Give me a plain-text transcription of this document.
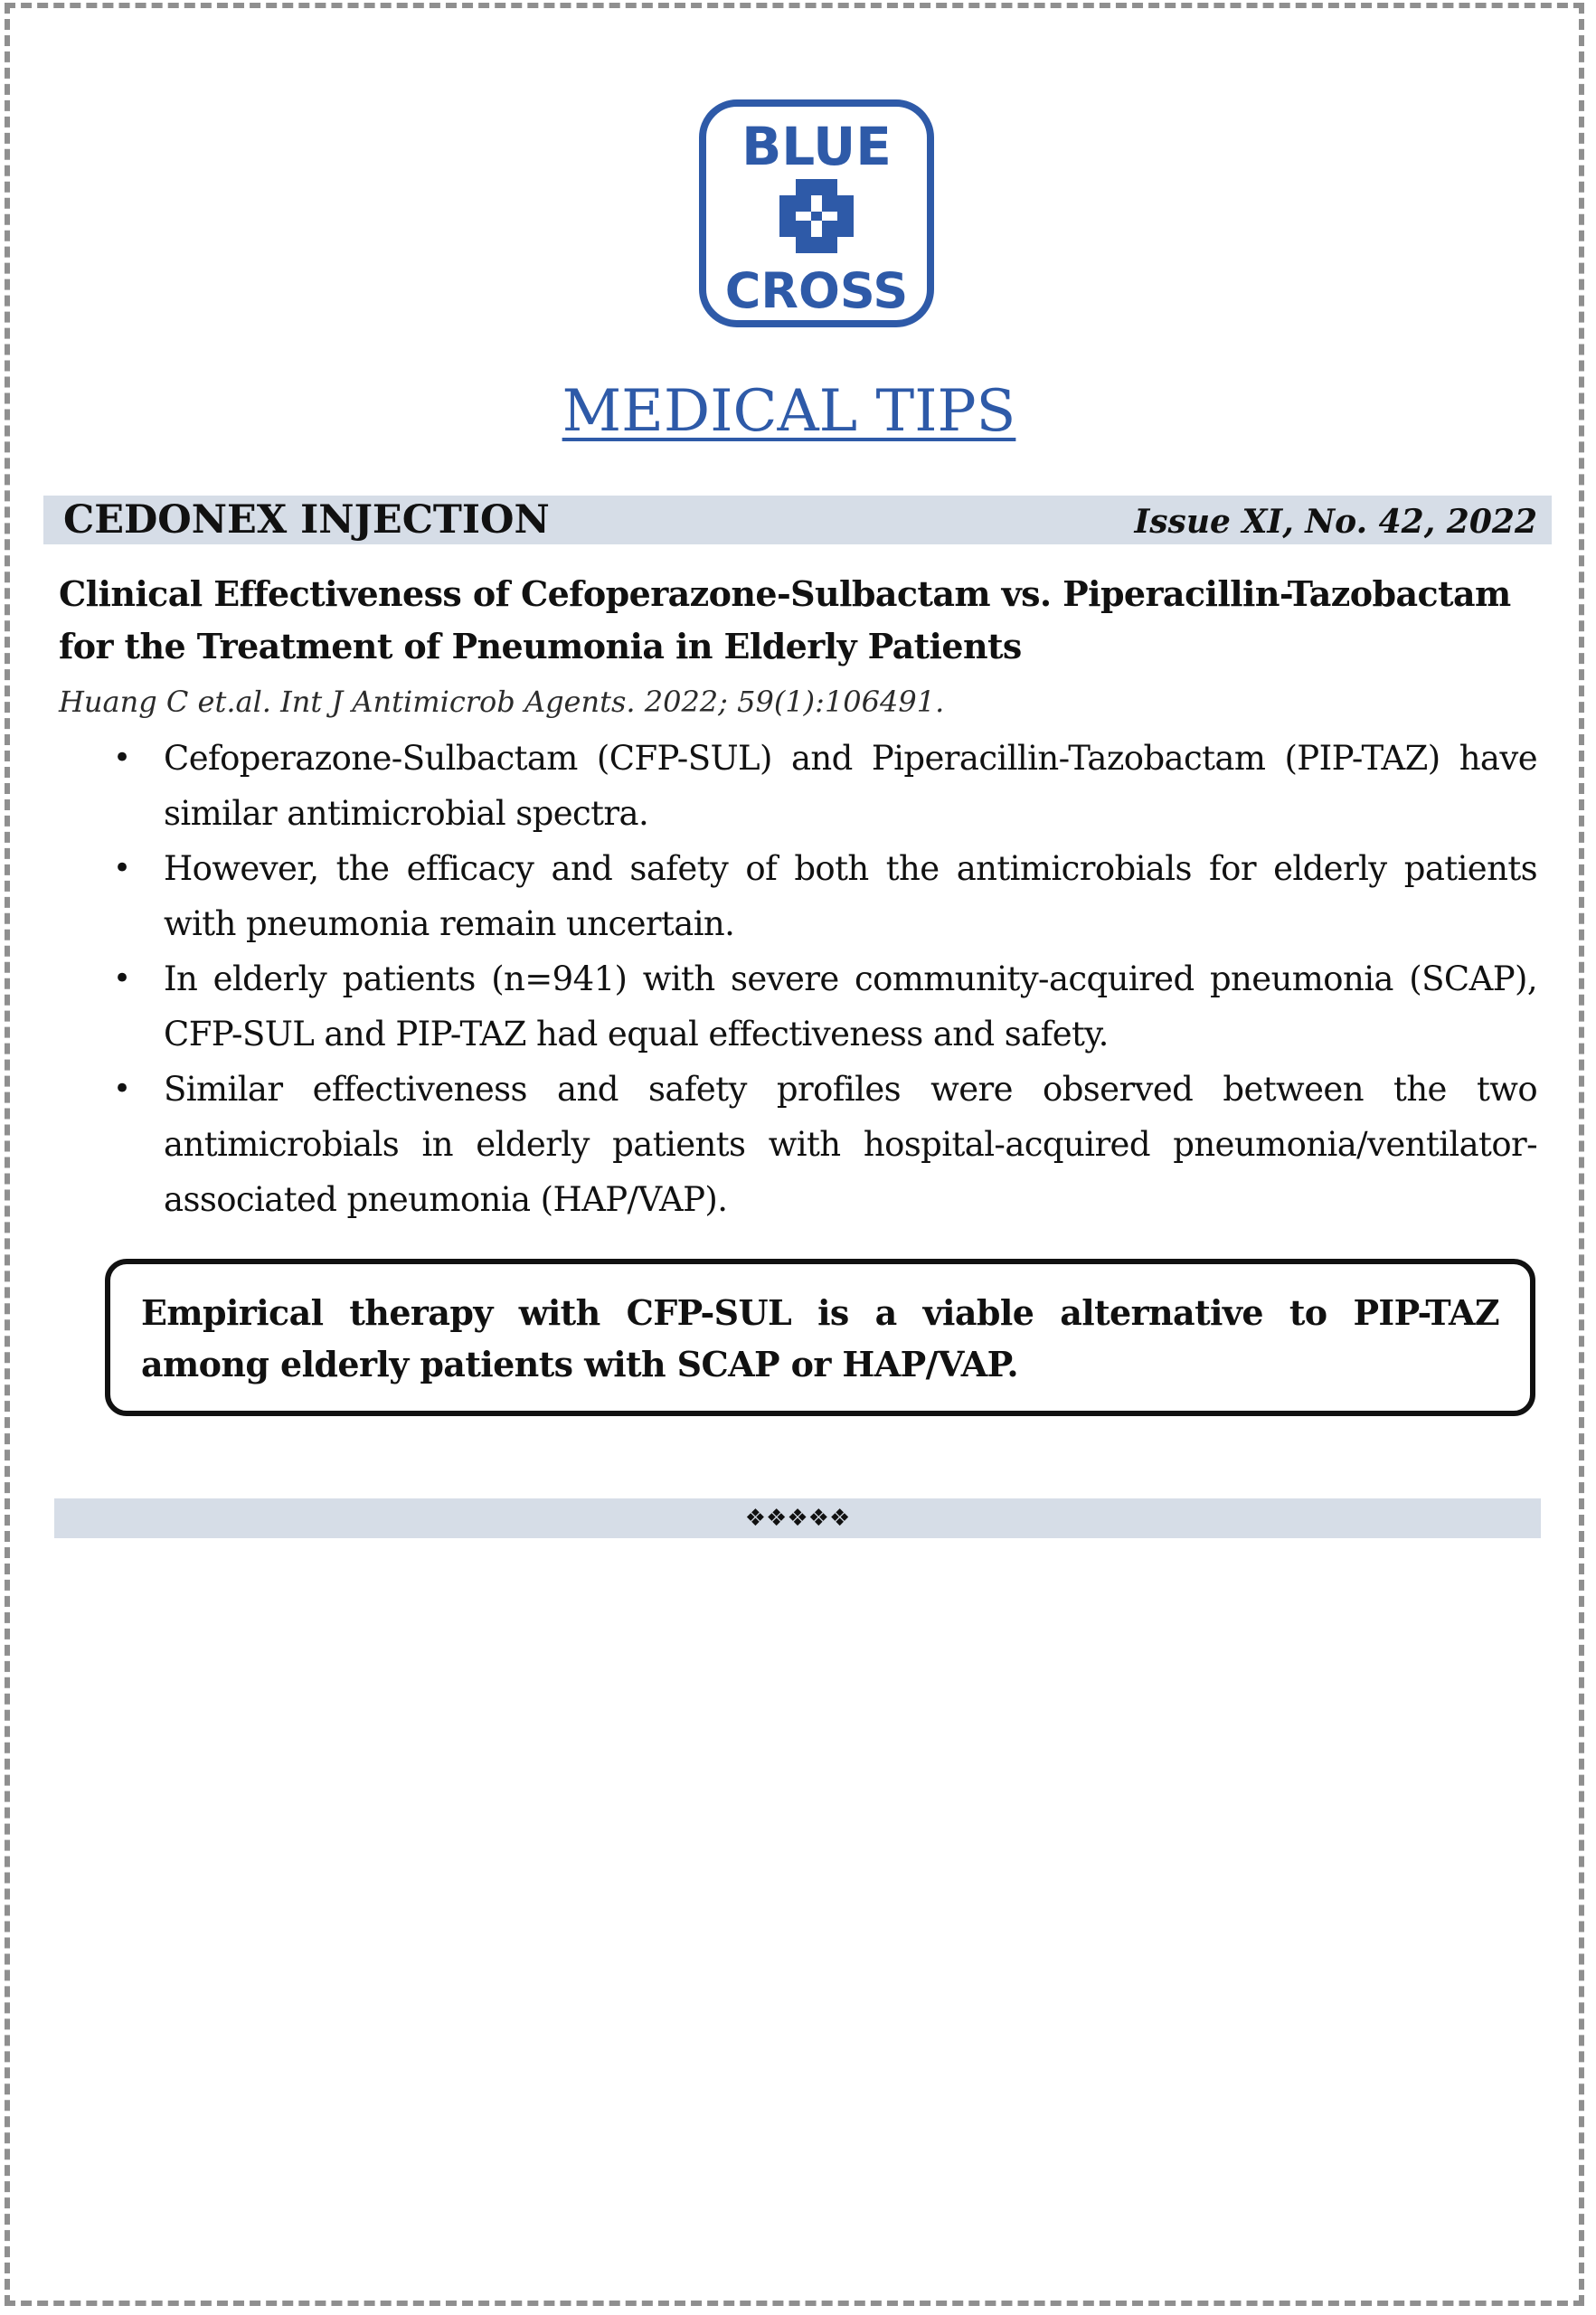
BLUE
CROSS
MEDICAL TIPS
CEDONEX INJECTION	Issue XI, No. 42, 2022
Clinical Effectiveness of Cefoperazone-Sulbactam vs. Piperacillin-Tazobactam for the Treatment of Pneumonia in Elderly Patients
Huang C et.al. Int J Antimicrob Agents. 2022; 59(1):106491.
• Cefoperazone-Sulbactam (CFP-SUL) and Piperacillin-Tazobactam (PIP-TAZ) have similar antimicrobial spectra.
• However, the efficacy and safety of both the antimicrobials for elderly patients with pneumonia remain uncertain.
• In elderly patients (n=941) with severe community-acquired pneumonia (SCAP), CFP-SUL and PIP-TAZ had equal effectiveness and safety.
• Similar effectiveness and safety profiles were observed between the two antimicrobials in elderly patients with hospital-acquired pneumonia/ventilator-associated pneumonia (HAP/VAP).
Empirical therapy with CFP-SUL is a viable alternative to PIP-TAZ among elderly patients with SCAP or HAP/VAP.
❖❖❖❖❖
